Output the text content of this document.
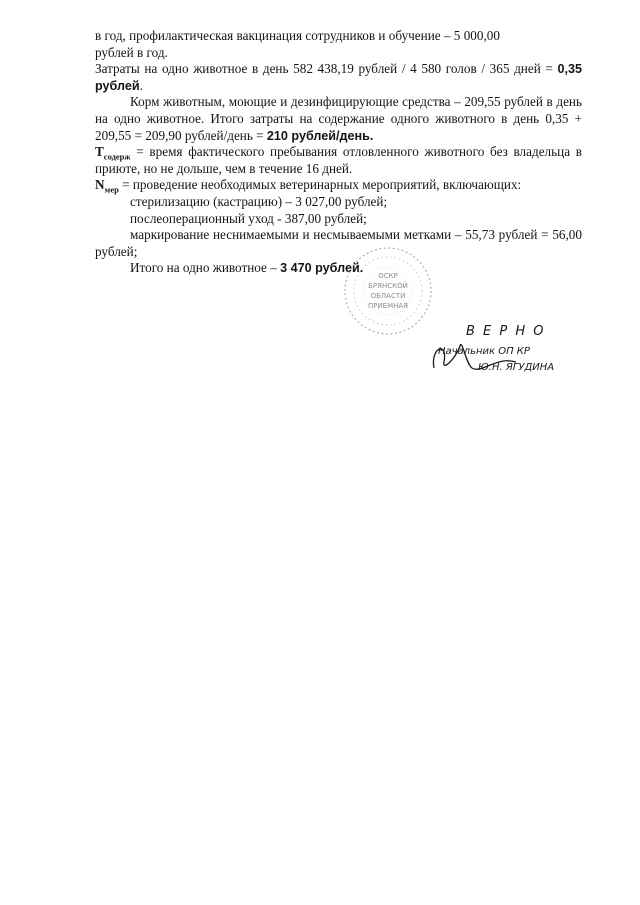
в год, профилактическая вакцинация сотрудников и обучение – 5 000,00
рублей в год.

Затраты на одно животное в день 582 438,19 рублей / 4 580 голов / 365 дней = 0,35 рублей.

Корм животным, моющие и дезинфицирующие средства – 209,55 рублей в день на одно животное. Итого затраты на содержание одного животного в день 0,35 + 209,55 = 209,90 рублей/день = 210 рублей/день.

$Т_{содерж}$ = время фактического пребывания отловленного животного без владельца в приюте, но не дольше, чем в течение 16 дней.

$N_{мер}$ = проведение необходимых ветеринарных мероприятий, включающих:

стерилизацию (кастрацию) – 3 027,00 рублей;

послеоперационный уход - 387,00 рублей;

маркирование неснимаемыми и несмываемыми метками – 55,73 рублей = 56,00 рублей;

Итого на одно животное – 3 470 рублей.

ОСКР
БРЯНСКОЙ
ОБЛАСТИ
ПРИЕМНАЯ
В Е Р Н О
Начальник ОП КР
Ю.Н. ЯГУДИНА
